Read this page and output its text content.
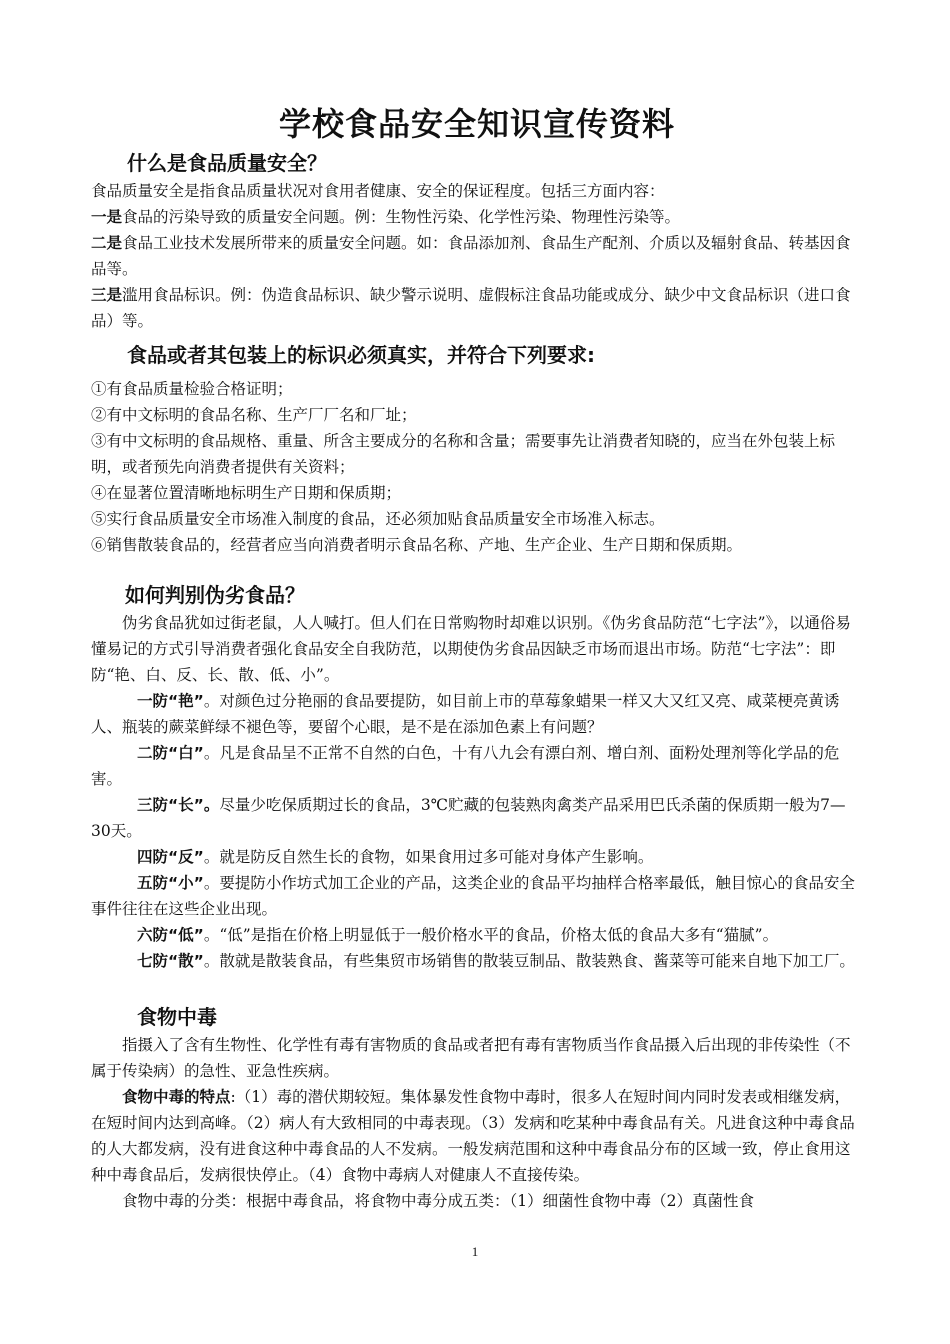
学校食品安全知识宣传资料
什么是食品质量安全？

食品质量安全是指食品质量状况对食用者健康、安全的保证程度。包括三方面内容：

一是食品的污染导致的质量安全问题。例：生物性污染、化学性污染、物理性污染等。

二是食品工业技术发展所带来的质量安全问题。如：食品添加剂、食品生产配剂、介质以及辐射食品、转基因食品等。

三是滥用食品标识。例：伪造食品标识、缺少警示说明、虚假标注食品功能或成分、缺少中文食品标识（进口食品）等。

食品或者其包装上的标识必须真实，并符合下列要求:

①有食品质量检验合格证明；

②有中文标明的食品名称、生产厂厂名和厂址；

③有中文标明的食品规格、重量、所含主要成分的名称和含量；需要事先让消费者知晓的，应当在外包装上标明，或者预先向消费者提供有关资料；

④在显著位置清晰地标明生产日期和保质期；

⑤实行食品质量安全市场准入制度的食品，还必须加贴食品质量安全市场准入标志。

⑥销售散装食品的，经营者应当向消费者明示食品名称、产地、生产企业、生产日期和保质期。

如何判别伪劣食品？

伪劣食品犹如过街老鼠，人人喊打。但人们在日常购物时却难以识别。《伪劣食品防范“七字法”》，以通俗易懂易记的方式引导消费者强化食品安全自我防范，以期使伪劣食品因缺乏市场而退出市场。防范“七字法”：即防“艳、白、反、长、散、低、小”。

一防“艳”。对颜色过分艳丽的食品要提防，如目前上市的草莓象蜡果一样又大又红又亮、咸菜梗亮黄诱人、瓶装的蕨菜鲜绿不褪色等，要留个心眼，是不是在添加色素上有问题？

二防“白”。凡是食品呈不正常不自然的白色，十有八九会有漂白剂、增白剂、面粉处理剂等化学品的危害。

三防“长”。尽量少吃保质期过长的食品，3℃贮藏的包装熟肉禽类产品采用巴氏杀菌的保质期一般为7—30天。

四防“反”。就是防反自然生长的食物，如果食用过多可能对身体产生影响。

五防“小”。要提防小作坊式加工企业的产品，这类企业的食品平均抽样合格率最低，触目惊心的食品安全事件往往在这些企业出现。

六防“低”。“低”是指在价格上明显低于一般价格水平的食品，价格太低的食品大多有“猫腻”。

七防“散”。散就是散装食品，有些集贸市场销售的散装豆制品、散装熟食、酱菜等可能来自地下加工厂。

食物中毒

指摄入了含有生物性、化学性有毒有害物质的食品或者把有毒有害物质当作食品摄入后出现的非传染性（不属于传染病）的急性、亚急性疾病。

食物中毒的特点:（1）毒的潜伏期较短。集体暴发性食物中毒时，很多人在短时间内同时发表或相继发病，在短时间内达到高峰。（2）病人有大致相同的中毒表现。（3）发病和吃某种中毒食品有关。凡进食这种中毒食品的人大都发病，没有进食这种中毒食品的人不发病。一般发病范围和这种中毒食品分布的区域一致，停止食用这种中毒食品后，发病很快停止。（4）食物中毒病人对健康人不直接传染。

食物中毒的分类：根据中毒食品，将食物中毒分成五类：（1）细菌性食物中毒（2）真菌性食

1
